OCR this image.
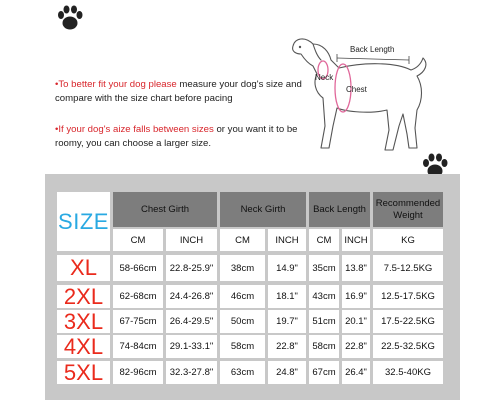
•To better fit your dog please measure your dog's size and compare with the size chart before pacing
•If your dog's aize falls between sizes or you want it to be roomy, you can choose a larger size.
Back Length
Neck
Chest
SIZE	Chest Girth	Neck Girth	Back Length
Recommended Weight
CM	INCH	CM	INCH	CM	INCH	KG
XL	58-66cm	22.8-25.9"	38cm	14.9"	35cm 13.8"	7.5-12.5KG
2XL	62-68cm	24.4-26.8"	46cm	18.1"	43cm 16.9"	12.5-17.5KG
3XL	67-75cm	26.4-29.5"	50cm	19.7"	51cm 20.1"	17.5-22.5KG
4XL	74-84cm	29.1-33.1"	58cm	22.8"	58cm 22.8"	22.5-32.5KG
5XL	82-96cm	32.3-27.8"	63cm	24.8"	67cm 26.4"	32.5-40KG
